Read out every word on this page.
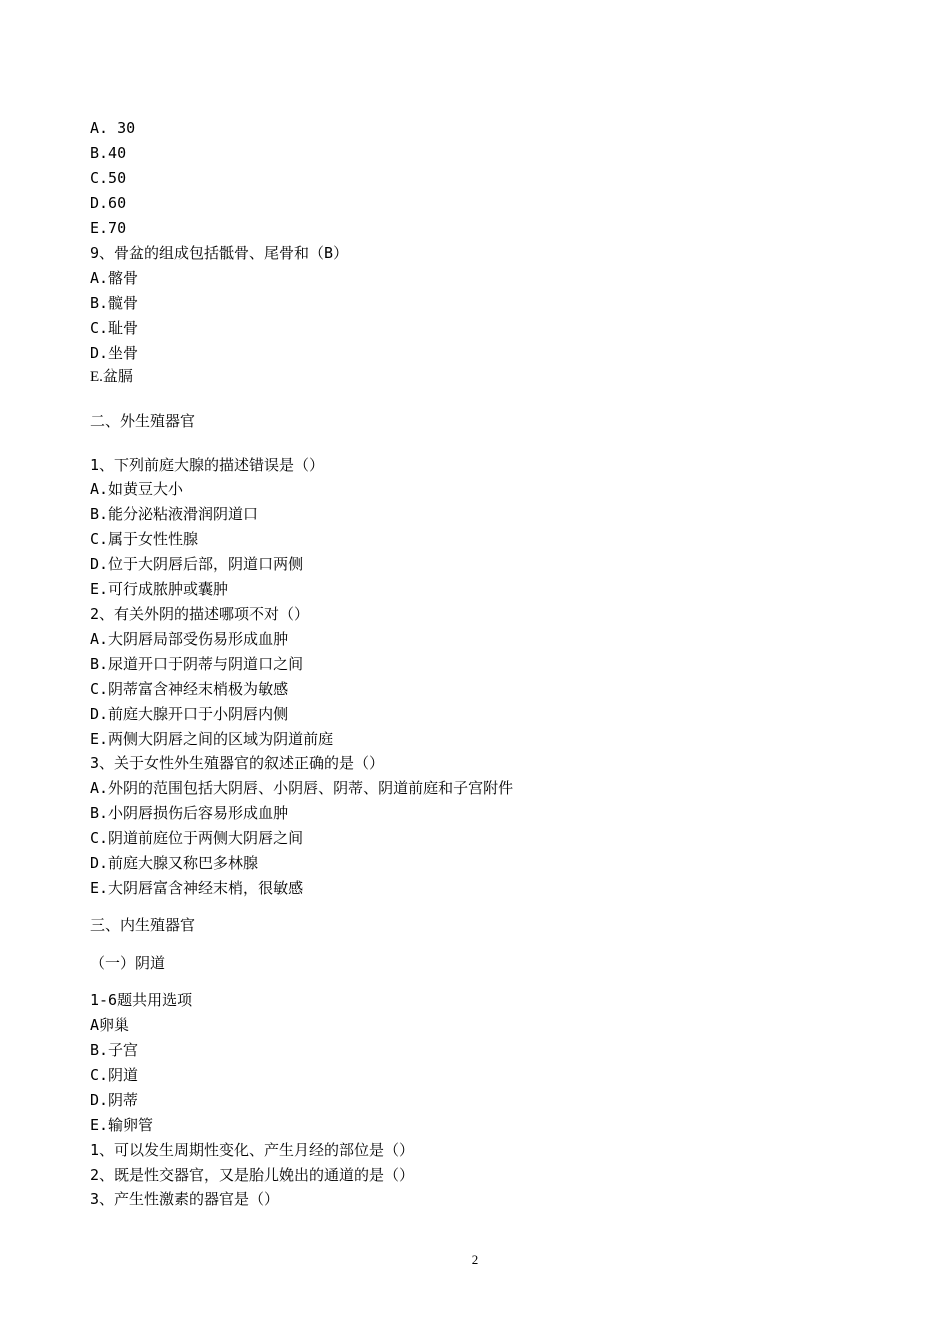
A. 30
B.40
C.50
D.60
E.70
9、骨盆的组成包括骶骨、尾骨和（B）
A.髂骨
B.髋骨
C.耻骨
D.坐骨
E.盆膈
二、外生殖器官
1、下列前庭大腺的描述错误是（）
A.如黄豆大小
B.能分泌粘液滑润阴道口
C.属于女性性腺
D.位于大阴唇后部，阴道口两侧
E.可行成脓肿或囊肿
2、有关外阴的描述哪项不对（）
A.大阴唇局部受伤易形成血肿
B.尿道开口于阴蒂与阴道口之间
C.阴蒂富含神经末梢极为敏感
D.前庭大腺开口于小阴唇内侧
E.两侧大阴唇之间的区域为阴道前庭
3、关于女性外生殖器官的叙述正确的是（）
A.外阴的范围包括大阴唇、小阴唇、阴蒂、阴道前庭和子宫附件
B.小阴唇损伤后容易形成血肿
C.阴道前庭位于两侧大阴唇之间
D.前庭大腺又称巴多林腺
E.大阴唇富含神经末梢，很敏感
三、内生殖器官
（一）阴道
1-6题共用选项
A卵巢
B.子宫
C.阴道
D.阴蒂
E.输卵管
1、可以发生周期性变化、产生月经的部位是（）
2、既是性交器官，又是胎儿娩出的通道的是（）
3、产生性激素的器官是（）
2
